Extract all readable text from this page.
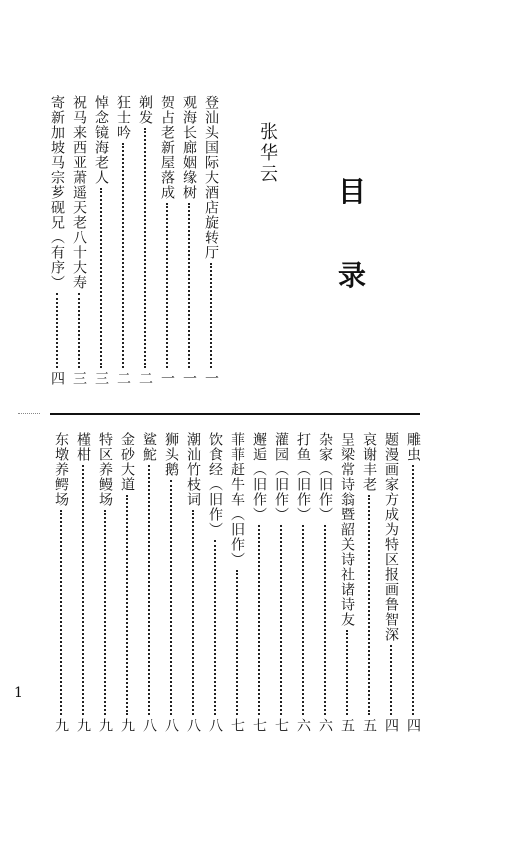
目
录
张华云
登汕头国际大酒店旋转厅
一
观海长廊姻缘树
一
贺占老新屋落成
一
剃发
二
狂士吟
二
悼念镜海老人
三
祝马来西亚萧遥天老八十大寿
三
寄新加坡马宗芗砚兄（有序）
四
雕虫
四
题漫画家方成为特区报画鲁智深
四
哀谢丰老
五
呈梁常诗翁暨韶关诗社诸诗友
五
杂家（旧作）
六
打鱼（旧作）
六
灌园（旧作）
七
邂逅（旧作）
七
菲菲赶牛车（旧作）
七
饮食经（旧作）
八
潮汕竹枝词
八
狮头鹅
八
鲨鮀
八
金砂大道
九
特区养鳗场
九
槿柑
九
东墩养鳄场
九
1
